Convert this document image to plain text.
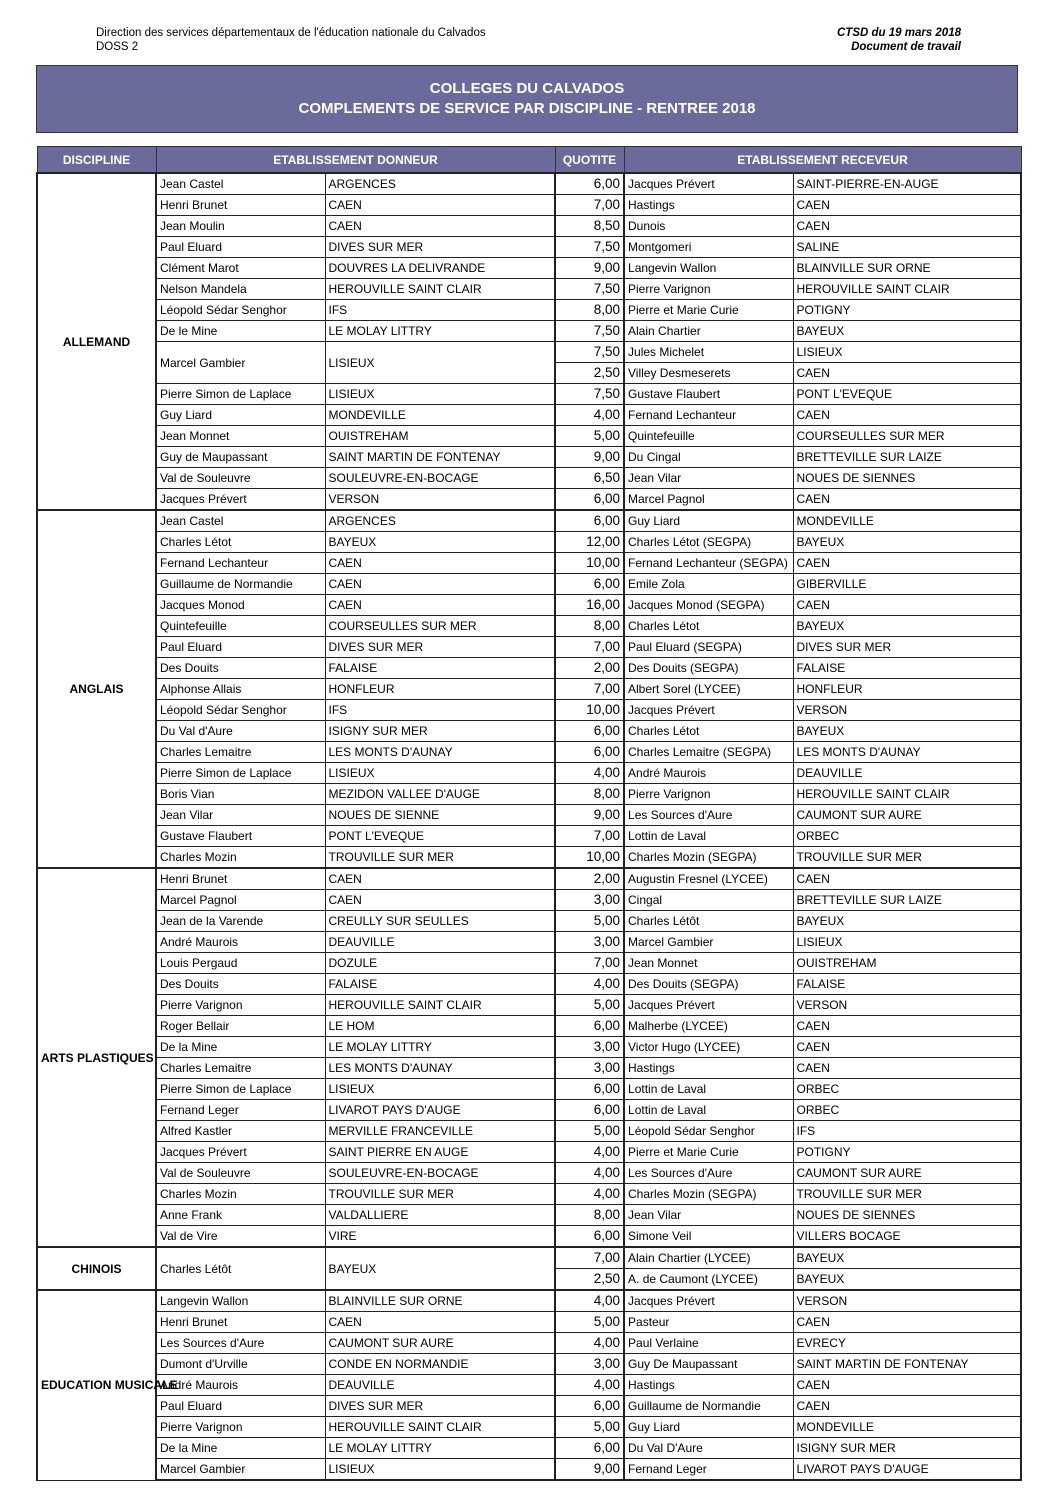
Direction des services départementaux de l'éducation nationale du Calvados
DOSS 2
CTSD du 19 mars 2018
Document de travail
COLLEGES DU CALVADOS
COMPLEMENTS DE SERVICE PAR DISCIPLINE - RENTREE 2018
DISCIPLINE	ETABLISSEMENT DONNEUR		QUOTITE	ETABLISSEMENT RECEVEUR	
ALLEMAND	Jean Castel	ARGENCES	6,00	Jacques Prévert	SAINT-PIERRE-EN-AUGE
	Henri Brunet	CAEN	7,00	Hastings	CAEN
	Jean Moulin	CAEN	8,50	Dunois	CAEN
	Paul Eluard	DIVES SUR MER	7,50	Montgomeri	SALINE
	Clément Marot	DOUVRES LA DELIVRANDE	9,00	Langevin Wallon	BLAINVILLE SUR ORNE
	Nelson Mandela	HEROUVILLE SAINT CLAIR	7,50	Pierre Varignon	HEROUVILLE SAINT CLAIR
	Léopold Sédar Senghor	IFS	8,00	Pierre et Marie Curie	POTIGNY
	De le Mine	LE MOLAY LITTRY	7,50	Alain Chartier	BAYEUX
	Marcel Gambier	LISIEUX	7,50	Jules Michelet	LISIEUX
			2,50	Villey Desmeserets	CAEN
	Pierre Simon de Laplace	LISIEUX	7,50	Gustave Flaubert	PONT L'EVEQUE
	Guy Liard	MONDEVILLE	4,00	Fernand Lechanteur	CAEN
	Jean Monnet	OUISTREHAM	5,00	Quintefeuille	COURSEULLES SUR MER
	Guy de Maupassant	SAINT MARTIN DE FONTENAY	9,00	Du Cingal	BRETTEVILLE SUR LAIZE
	Val de Souleuvre	SOULEUVRE-EN-BOCAGE	6,50	Jean Vilar	NOUES DE SIENNES
	Jacques Prévert	VERSON	6,00	Marcel Pagnol	CAEN
ANGLAIS	Jean Castel	ARGENCES	6,00	Guy Liard	MONDEVILLE
	Charles Létot	BAYEUX	12,00	Charles Létot (SEGPA)	BAYEUX
	Fernand Lechanteur	CAEN	10,00	Fernand Lechanteur (SEGPA)	CAEN
	Guillaume de Normandie	CAEN	6,00	Emile Zola	GIBERVILLE
	Jacques Monod	CAEN	16,00	Jacques Monod (SEGPA)	CAEN
	Quintefeuille	COURSEULLES SUR MER	8,00	Charles Létot	BAYEUX
	Paul Eluard	DIVES SUR MER	7,00	Paul Eluard (SEGPA)	DIVES SUR MER
	Des Douits	FALAISE	2,00	Des Douits (SEGPA)	FALAISE
	Alphonse Allais	HONFLEUR	7,00	Albert Sorel (LYCEE)	HONFLEUR
	Léopold Sédar Senghor	IFS	10,00	Jacques Prévert	VERSON
	Du Val d'Aure	ISIGNY SUR MER	6,00	Charles Létot	BAYEUX
	Charles Lemaitre	LES MONTS D'AUNAY	6,00	Charles Lemaitre (SEGPA)	LES MONTS D'AUNAY
	Pierre Simon de Laplace	LISIEUX	4,00	André Maurois	DEAUVILLE
	Boris Vian	MEZIDON VALLEE D'AUGE	8,00	Pierre Varignon	HEROUVILLE SAINT CLAIR
	Jean Vilar	NOUES DE SIENNE	9,00	Les Sources d'Aure	CAUMONT SUR AURE
	Gustave Flaubert	PONT L'EVEQUE	7,00	Lottin de Laval	ORBEC
	Charles Mozin	TROUVILLE SUR MER	10,00	Charles Mozin (SEGPA)	TROUVILLE SUR MER
ARTS PLASTIQUES	Henri Brunet	CAEN	2,00	Augustin Fresnel (LYCEE)	CAEN
	Marcel Pagnol	CAEN	3,00	Cingal	BRETTEVILLE SUR LAIZE
	Jean de la Varende	CREULLY SUR SEULLES	5,00	Charles Létôt	BAYEUX
	André Maurois	DEAUVILLE	3,00	Marcel Gambier	LISIEUX
	Louis Pergaud	DOZULE	7,00	Jean Monnet	OUISTREHAM
	Des Douits	FALAISE	4,00	Des Douits (SEGPA)	FALAISE
	Pierre Varignon	HEROUVILLE SAINT CLAIR	5,00	Jacques Prévert	VERSON
	Roger Bellair	LE HOM	6,00	Malherbe (LYCEE)	CAEN
	De la Mine	LE MOLAY LITTRY	3,00	Victor Hugo (LYCEE)	CAEN
	Charles Lemaitre	LES MONTS D'AUNAY	3,00	Hastings	CAEN
	Pierre Simon de Laplace	LISIEUX	6,00	Lottin de Laval	ORBEC
	Fernand Leger	LIVAROT PAYS D'AUGE	6,00	Lottin de Laval	ORBEC
	Alfred Kastler	MERVILLE FRANCEVILLE	5,00	Léopold Sédar Senghor	IFS
	Jacques Prévert	SAINT PIERRE EN AUGE	4,00	Pierre et Marie Curie	POTIGNY
	Val de Souleuvre	SOULEUVRE-EN-BOCAGE	4,00	Les Sources d'Aure	CAUMONT SUR AURE
	Charles Mozin	TROUVILLE SUR MER	4,00	Charles Mozin (SEGPA)	TROUVILLE SUR MER
	Anne Frank	VALDALLIERE	8,00	Jean Vilar	NOUES DE SIENNES
	Val de Vire	VIRE	6,00	Simone Veil	VILLERS BOCAGE
CHINOIS	Charles Létôt	BAYEUX	7,00	Alain Chartier (LYCEE)	BAYEUX
			2,50	A. de Caumont (LYCEE)	BAYEUX
EDUCATION MUSICALE	Langevin Wallon	BLAINVILLE SUR ORNE	4,00	Jacques Prévert	VERSON
	Henri Brunet	CAEN	5,00	Pasteur	CAEN
	Les Sources d'Aure	CAUMONT SUR AURE	4,00	Paul Verlaine	EVRECY
	Dumont d'Urville	CONDE EN NORMANDIE	3,00	Guy De Maupassant	SAINT MARTIN DE FONTENAY
	André Maurois	DEAUVILLE	4,00	Hastings	CAEN
	Paul Eluard	DIVES SUR MER	6,00	Guillaume de Normandie	CAEN
	Pierre Varignon	HEROUVILLE SAINT CLAIR	5,00	Guy Liard	MONDEVILLE
	De la Mine	LE MOLAY LITTRY	6,00	Du Val D'Aure	ISIGNY SUR MER
	Marcel Gambier	LISIEUX	9,00	Fernand Leger	LIVAROT PAYS D'AUGE
